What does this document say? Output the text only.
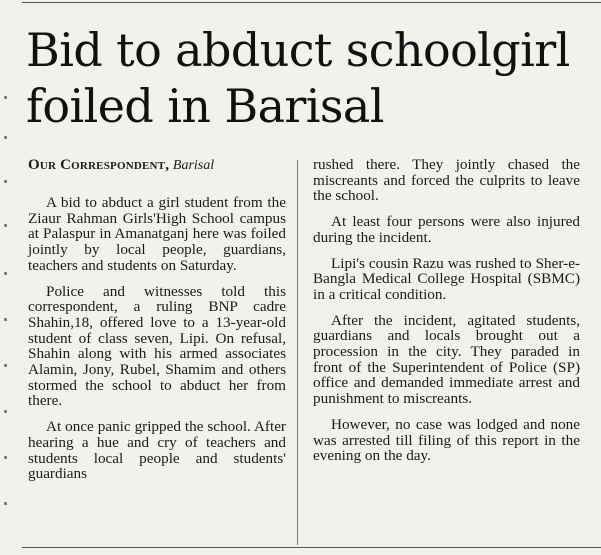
Bid to abduct schoolgirl
foiled in Barisal

Our Correspondent, Barisal

A bid to abduct a girl student from the Ziaur Rahman Girls'High School campus at Palaspur in Amanatganj here was foiled jointly by local people, guardians, teachers and students on Saturday.

Police and witnesses told this correspondent, a ruling BNP cadre Shahin,18, offered love to a 13-year-old student of class seven, Lipi. On refusal, Shahin along with his armed associates Alamin, Jony, Rubel, Shamim and others stormed the school to abduct her from there.

At once panic gripped the school. After hearing a hue and cry of teachers and students local people and students' guardians

rushed there. They jointly chased the miscreants and forced the culprits to leave the school.

At least four persons were also injured during the incident.

Lipi's cousin Razu was rushed to Sher-e-Bangla Medical College Hospital (SBMC) in a critical condition.

After the incident, agitated students, guardians and locals brought out a procession in the city. They paraded in front of the Superintendent of Police (SP) office and demanded immediate arrest and punishment to miscreants.

However, no case was lodged and none was arrested till filing of this report in the evening on the day.
